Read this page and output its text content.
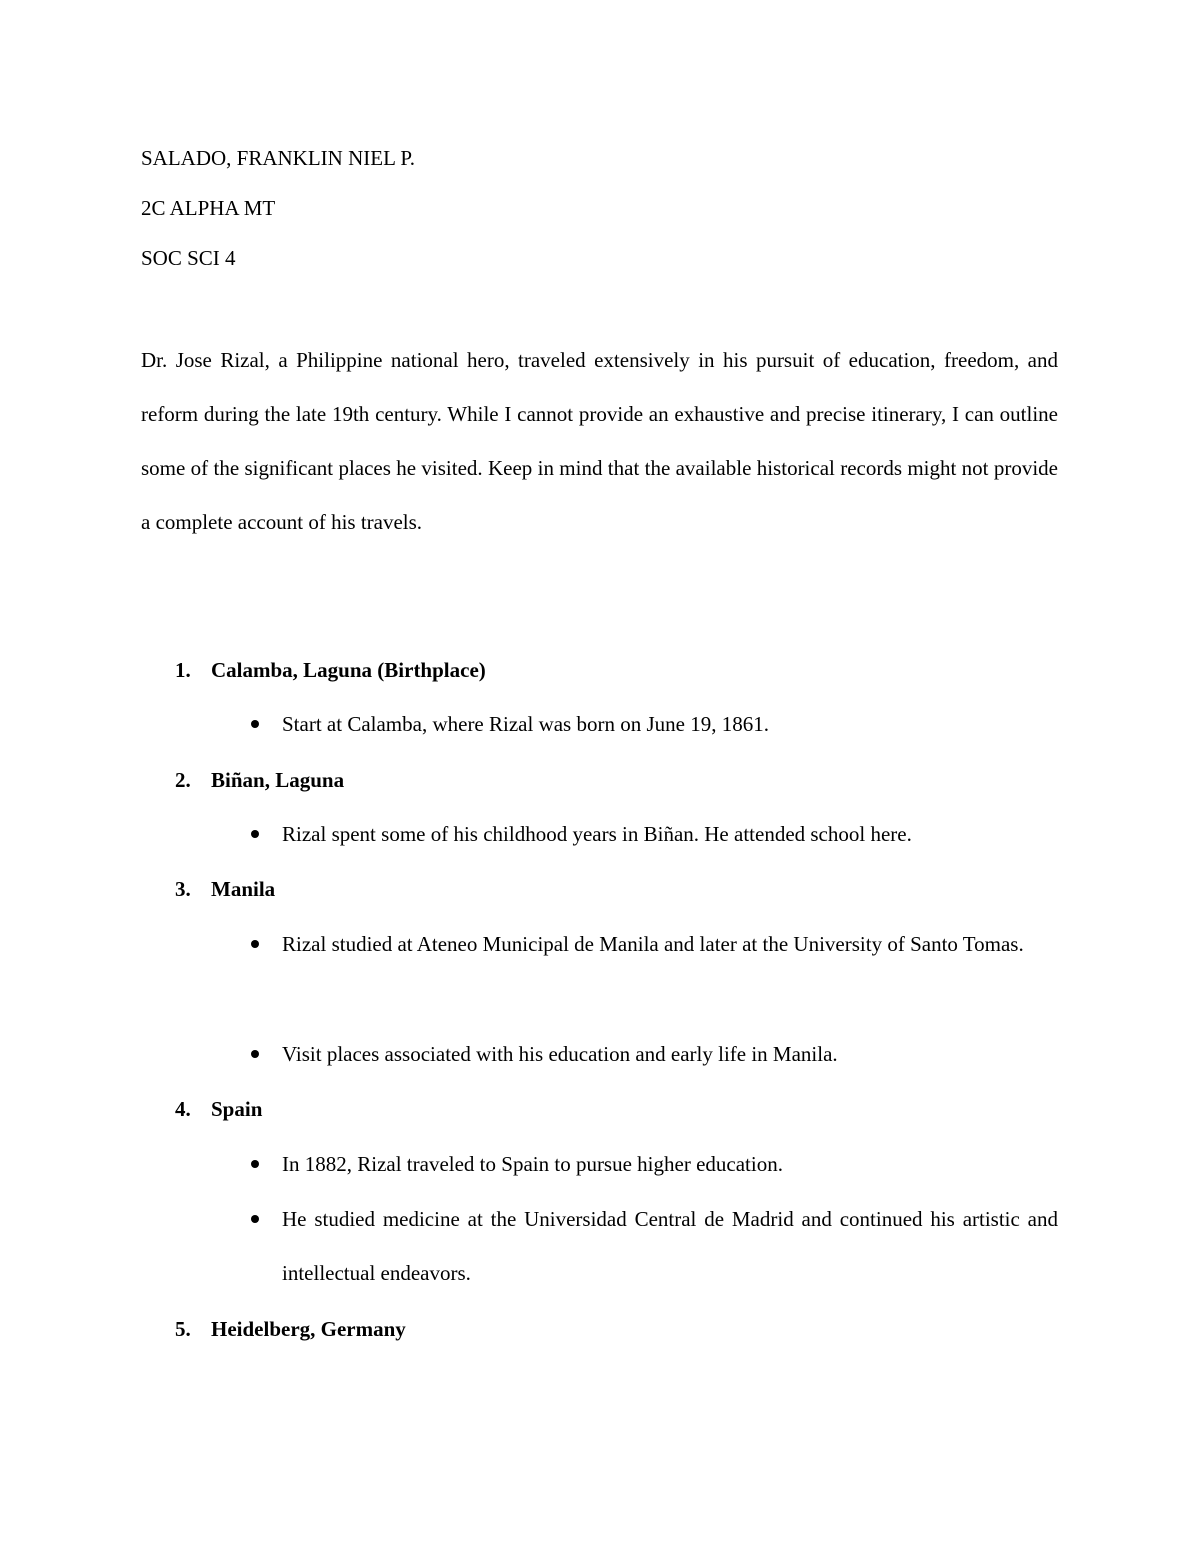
SALADO, FRANKLIN NIEL P.
2C ALPHA MT
SOC SCI 4
Dr. Jose Rizal, a Philippine national hero, traveled extensively in his pursuit of education, freedom, and reform during the late 19th century. While I cannot provide an exhaustive and precise itinerary, I can outline some of the significant places he visited. Keep in mind that the available historical records might not provide a complete account of his travels.
1. Calamba, Laguna (Birthplace)
Start at Calamba, where Rizal was born on June 19, 1861.
2. Biñan, Laguna
Rizal spent some of his childhood years in Biñan. He attended school here.
3. Manila
Rizal studied at Ateneo Municipal de Manila and later at the University of Santo Tomas.
Visit places associated with his education and early life in Manila.
4. Spain
In 1882, Rizal traveled to Spain to pursue higher education.
He studied medicine at the Universidad Central de Madrid and continued his artistic and intellectual endeavors.
5. Heidelberg, Germany
